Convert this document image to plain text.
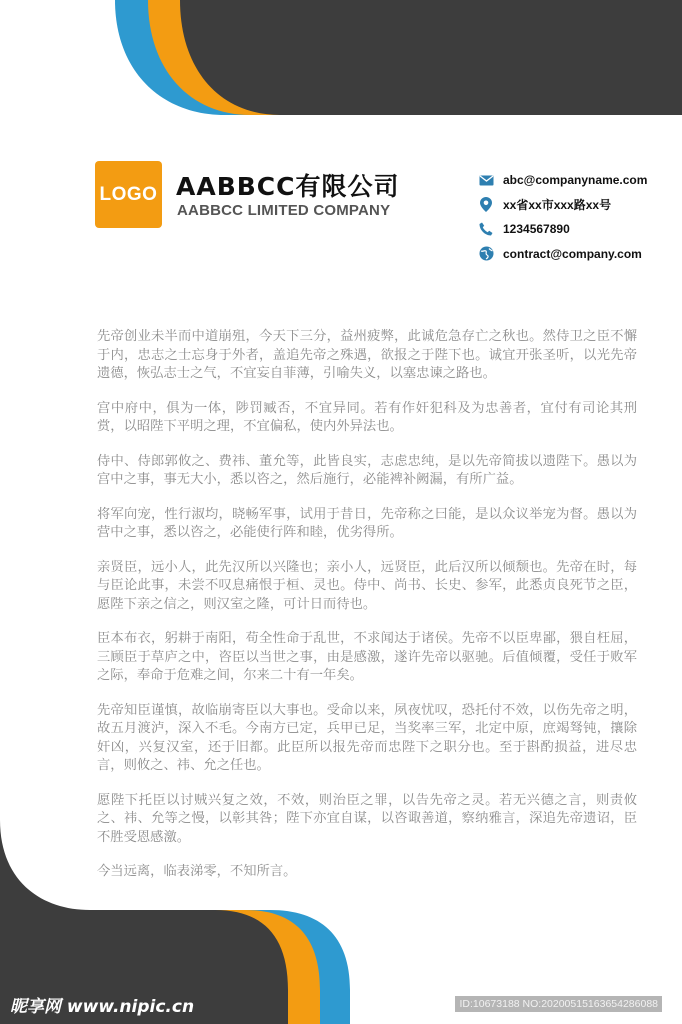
LOGO AABBCC有限公司
AABBCC LIMITED COMPANY
abc@companyname.com
xx省xx市xxx路xx号
1234567890
contract@company.com

先帝创业未半而中道崩殂，今天下三分，益州疲弊，此诚危急存亡之秋也。然侍卫之臣不懈于内，忠志之士忘身于外者，盖追先帝之殊遇，欲报之于陛下也。诚宜开张圣听，以光先帝遗德，恢弘志士之气，不宜妄自菲薄，引喻失义，以塞忠谏之路也。

宫中府中，俱为一体，陟罚臧否，不宜异同。若有作奸犯科及为忠善者，宜付有司论其刑赏，以昭陛下平明之理，不宜偏私，使内外异法也。

侍中、侍郎郭攸之、费祎、董允等，此皆良实，志虑忠纯，是以先帝简拔以遗陛下。愚以为宫中之事，事无大小，悉以咨之，然后施行，必能裨补阙漏，有所广益。

将军向宠，性行淑均，晓畅军事，试用于昔日，先帝称之曰能，是以众议举宠为督。愚以为营中之事，悉以咨之，必能使行阵和睦，优劣得所。

亲贤臣，远小人，此先汉所以兴隆也；亲小人，远贤臣，此后汉所以倾颓也。先帝在时，每与臣论此事，未尝不叹息痛恨于桓、灵也。侍中、尚书、长史、参军，此悉贞良死节之臣，愿陛下亲之信之，则汉室之隆，可计日而待也。

臣本布衣，躬耕于南阳，苟全性命于乱世，不求闻达于诸侯。先帝不以臣卑鄙，猥自枉屈，三顾臣于草庐之中，咨臣以当世之事，由是感激，遂许先帝以驱驰。后值倾覆，受任于败军之际，奉命于危难之间，尔来二十有一年矣。

先帝知臣谨慎，故临崩寄臣以大事也。受命以来，夙夜忧叹，恐托付不效，以伤先帝之明，故五月渡泸，深入不毛。今南方已定，兵甲已足，当奖率三军，北定中原，庶竭驽钝，攘除奸凶，兴复汉室，还于旧都。此臣所以报先帝而忠陛下之职分也。至于斟酌损益，进尽忠言，则攸之、祎、允之任也。

愿陛下托臣以讨贼兴复之效，不效，则治臣之罪，以告先帝之灵。若无兴德之言，则责攸之、祎、允等之慢，以彰其咎；陛下亦宜自谋，以咨诹善道，察纳雅言，深追先帝遗诏，臣不胜受恩感激。

今当远离，临表涕零，不知所言。

昵享网 www.nipic.cn	ID:10673188 NO:20200515163654286088
